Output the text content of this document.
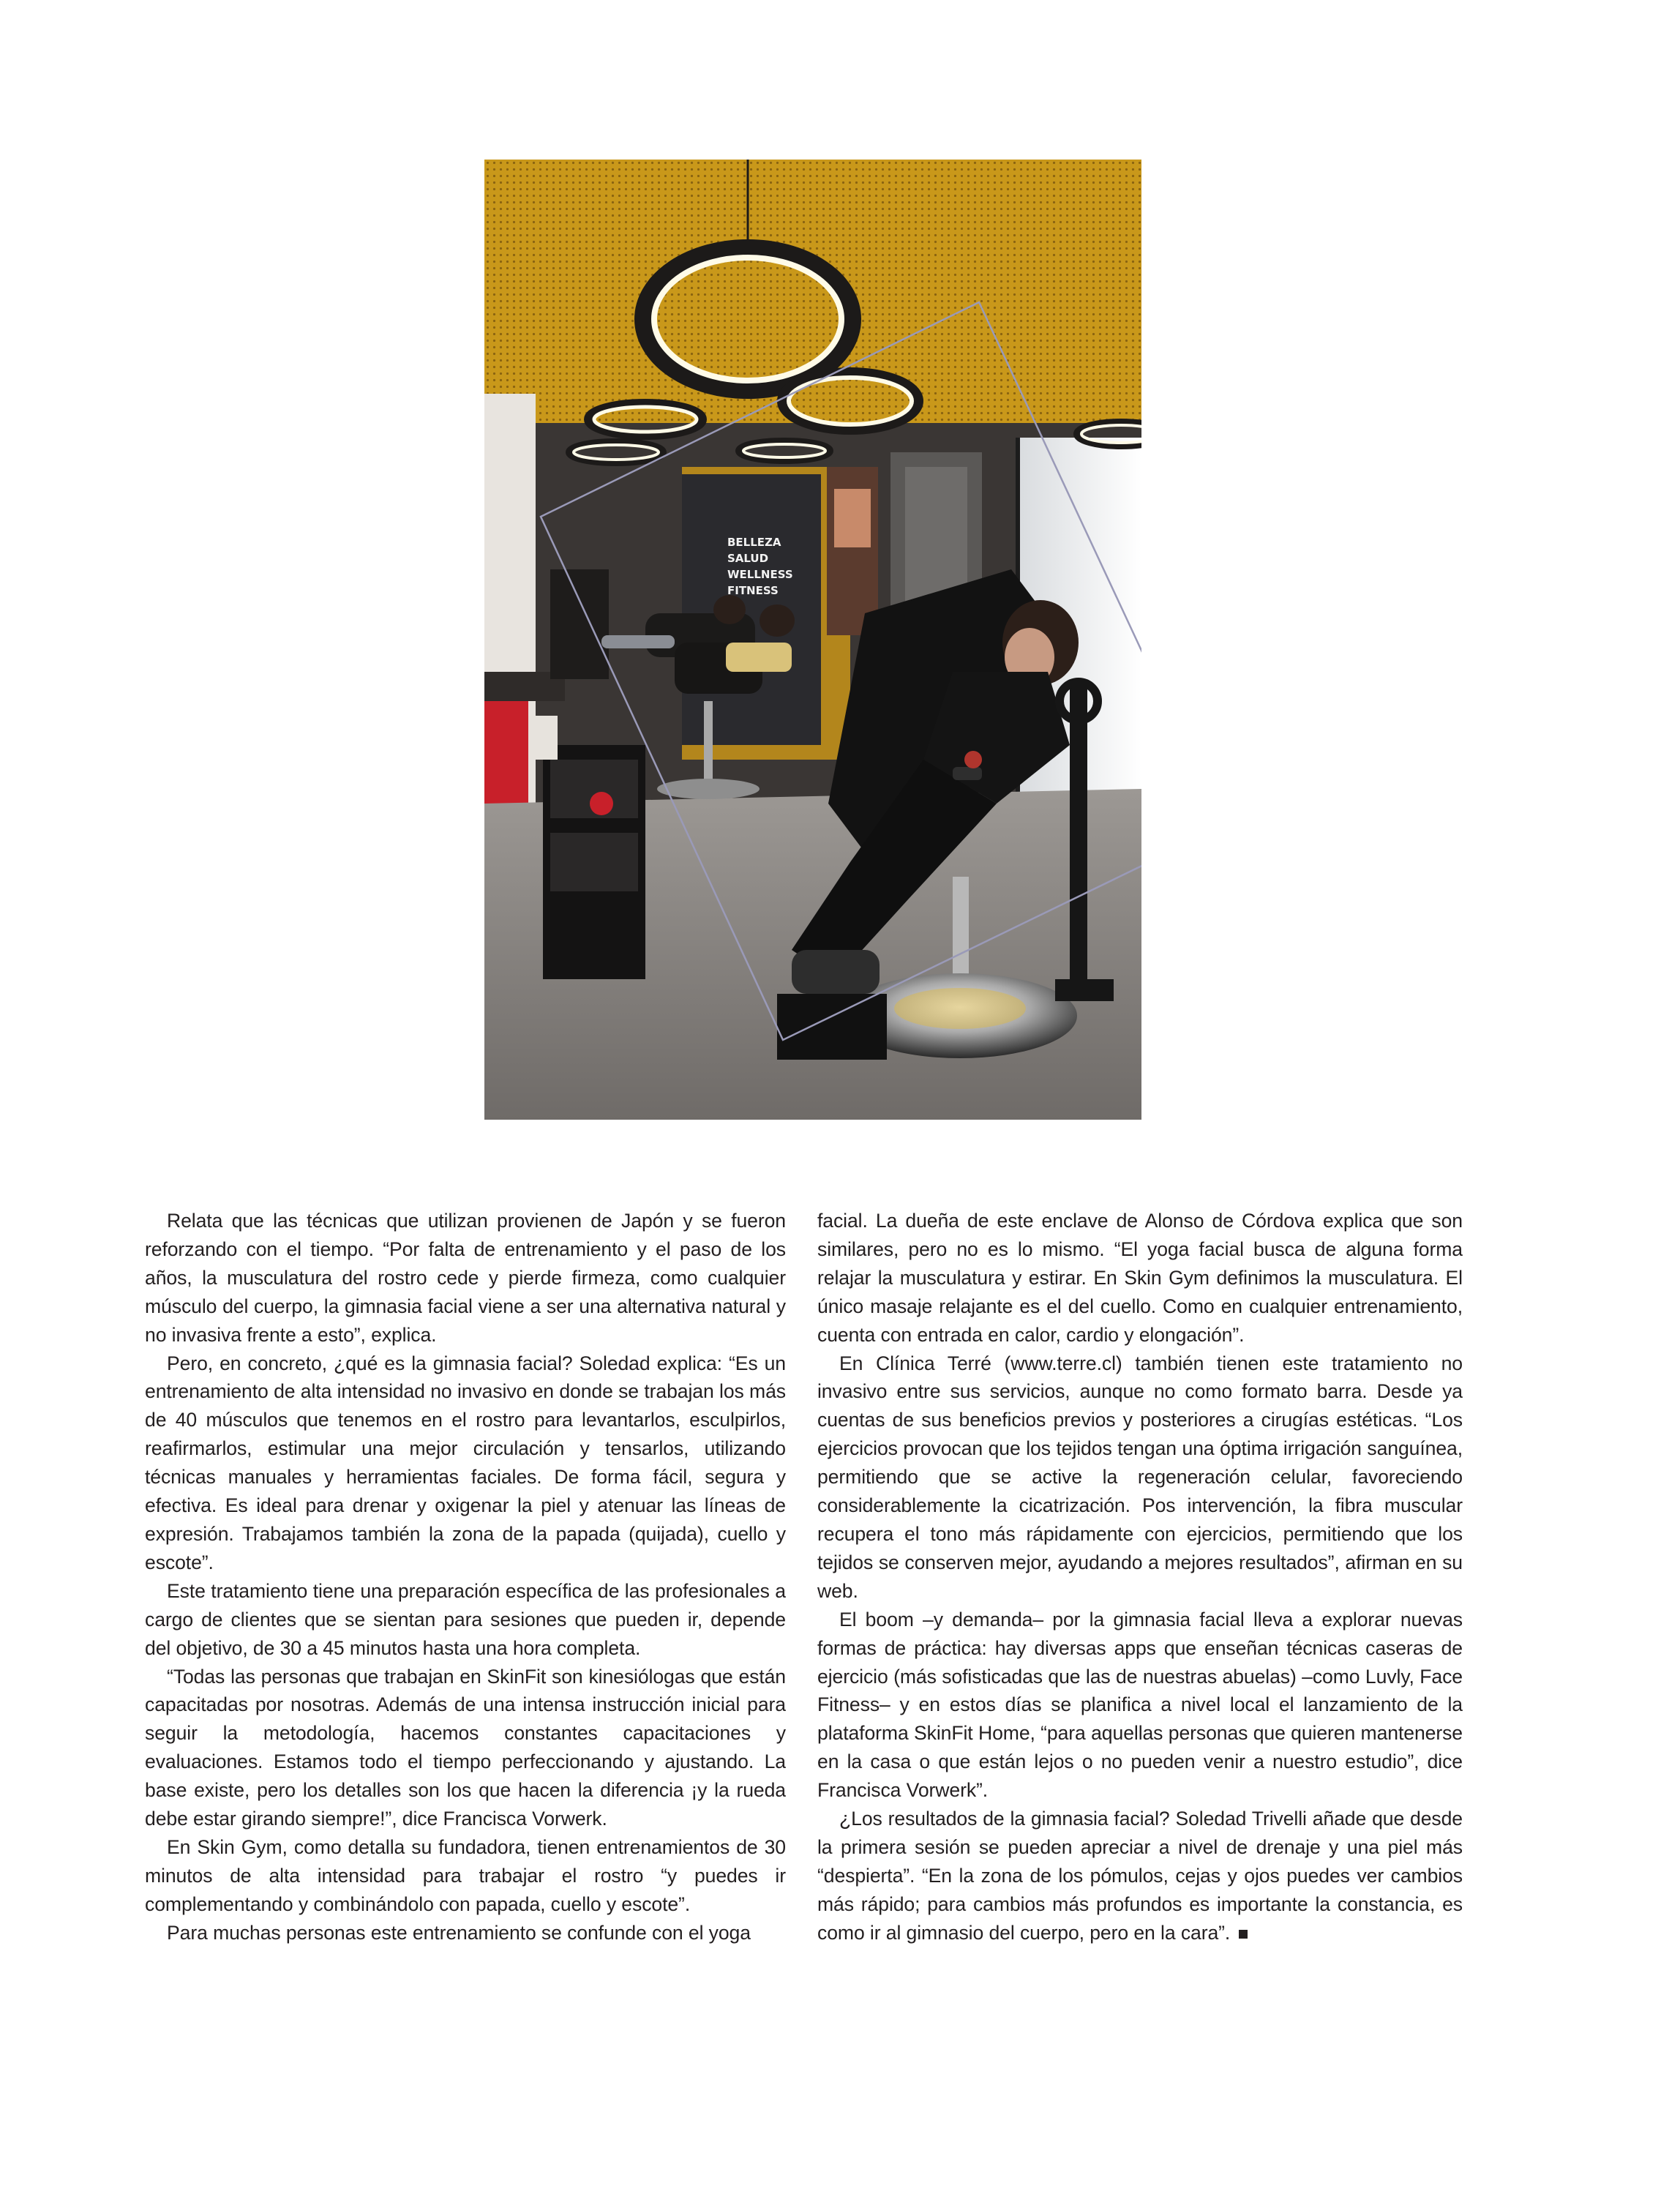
BELLEZA
SALUD
WELLNESS
FITNESS

Relata que las técnicas que utilizan provienen de Japón y se fueron reforzando con el tiempo. “Por falta de entrenamiento y el paso de los años, la musculatura del rostro cede y pierde firmeza, como cualquier músculo del cuerpo, la gimnasia facial viene a ser una alternativa natural y no invasiva frente a esto”, explica.

Pero, en concreto, ¿qué es la gimnasia facial? Soledad explica: “Es un entrenamiento de alta intensidad no invasivo en donde se trabajan los más de 40 músculos que tenemos en el rostro para levantarlos, esculpirlos, reafirmarlos, estimular una mejor circulación y tensarlos, utilizando técnicas manuales y herramientas faciales. De forma fácil, segura y efectiva. Es ideal para drenar y oxigenar la piel y atenuar las líneas de expresión. Trabajamos también la zona de la papada (quijada), cuello y escote”.

Este tratamiento tiene una preparación específica de las profesionales a cargo de clientes que se sientan para sesiones que pueden ir, depende del objetivo, de 30 a 45 minutos hasta una hora completa.

“Todas las personas que trabajan en SkinFit son kinesiólogas que están capacitadas por nosotras. Además de una intensa instrucción inicial para seguir la metodología, hacemos constantes capacitaciones y evaluaciones. Estamos todo el tiempo perfeccionando y ajustando. La base existe, pero los detalles son los que hacen la diferencia ¡y la rueda debe estar girando siempre!”, dice Francisca Vorwerk.

En Skin Gym, como detalla su fundadora, tienen entrenamientos de 30 minutos de alta intensidad para trabajar el rostro “y puedes ir complementando y combinándolo con papada, cuello y escote”.

Para muchas personas este entrenamiento se confunde con el yoga

facial. La dueña de este enclave de Alonso de Córdova explica que son similares, pero no es lo mismo. “El yoga facial busca de alguna forma relajar la musculatura y estirar. En Skin Gym definimos la musculatura. El único masaje relajante es el del cuello. Como en cualquier entrenamiento, cuenta con entrada en calor, cardio y elongación”.

En Clínica Terré (www.terre.cl) también tienen este tratamiento no invasivo entre sus servicios, aunque no como formato barra. Desde ya cuentas de sus beneficios previos y posteriores a cirugías estéticas. “Los ejercicios provocan que los tejidos tengan una óptima irrigación sanguínea, permitiendo que se active la regeneración celular, favoreciendo considerablemente la cicatrización. Pos intervención, la fibra muscular recupera el tono más rápidamente con ejercicios, permitiendo que los tejidos se conserven mejor, ayudando a mejores resultados”, afirman en su web.

El boom –y demanda– por la gimnasia facial lleva a explorar nuevas formas de práctica: hay diversas apps que enseñan técnicas caseras de ejercicio (más sofisticadas que las de nuestras abuelas) –como Luvly, Face Fitness– y en estos días se planifica a nivel local el lanzamiento de la plataforma SkinFit Home, “para aquellas personas que quieren mantenerse en la casa o que están lejos o no pueden venir a nuestro estudio”, dice Francisca Vorwerk”.

¿Los resultados de la gimnasia facial? Soledad Trivelli añade que desde la primera sesión se pueden apreciar a nivel de drenaje y una piel más “despierta”. “En la zona de los pómulos, cejas y ojos puedes ver cambios más rápido; para cambios más profundos es importante la constancia, es como ir al gimnasio del cuerpo, pero en la cara”.
